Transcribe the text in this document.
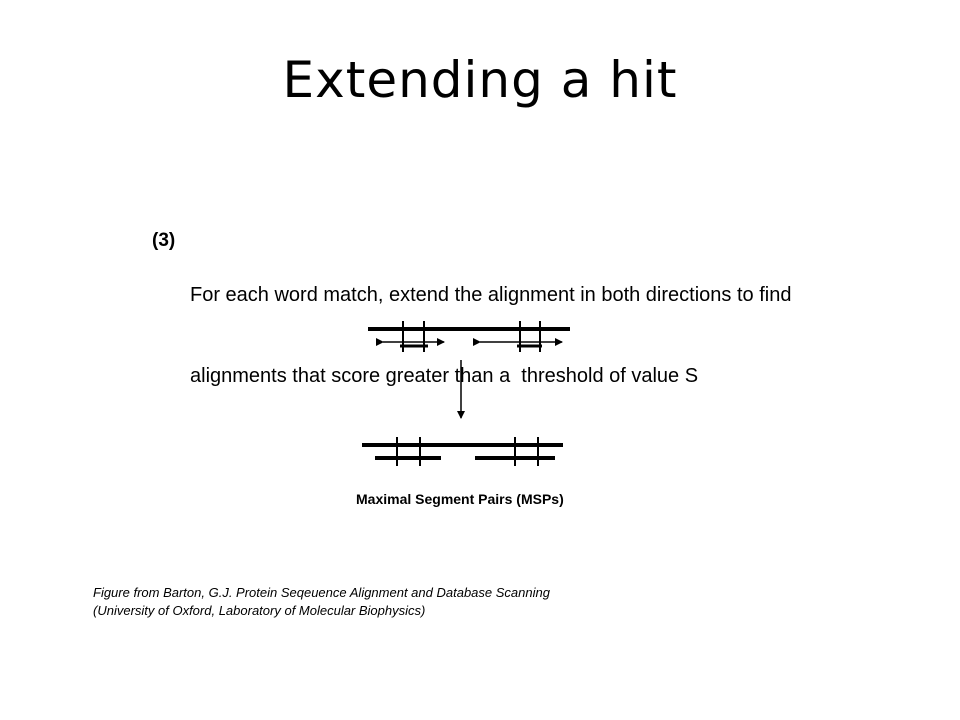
Extending a hit
(3)

For each word match, extend the alignment in both directions to find

alignments that score greater than a  threshold of value S

Maximal Segment Pairs (MSPs)
Figure from Barton, G.J. Protein Seqeuence Alignment and Database Scanning
(University of Oxford, Laboratory of Molecular Biophysics)
